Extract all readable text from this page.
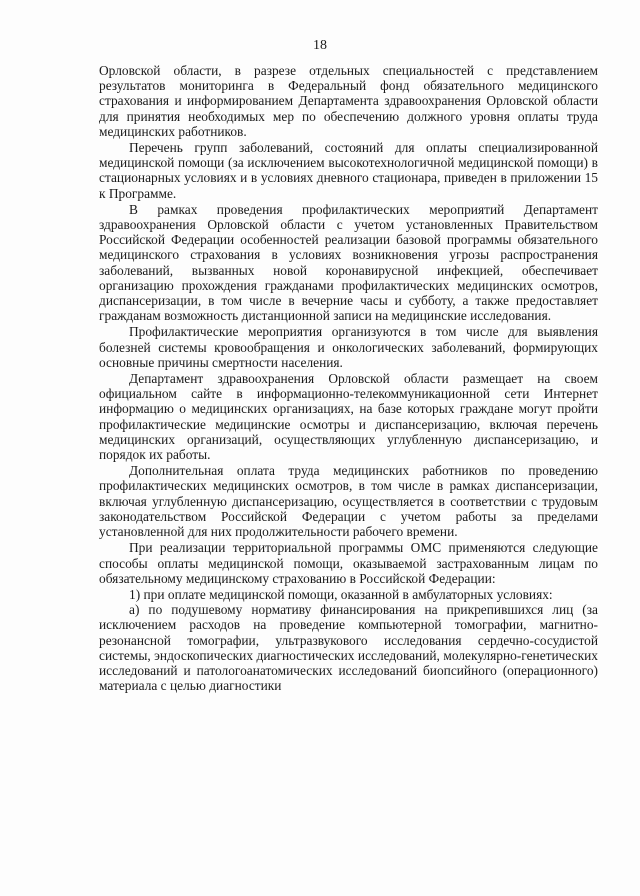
18

Орловской области, в разрезе отдельных специальностей с представлением результатов мониторинга в Федеральный фонд обязательного медицинского страхования и информированием Департамента здравоохранения Орловской области для принятия необходимых мер по обеспечению должного уровня оплаты труда медицинских работников.

Перечень групп заболеваний, состояний для оплаты специализированной медицинской помощи (за исключением высокотехнологичной медицинской помощи) в стационарных условиях и в условиях дневного стационара, приведен в приложении 15 к Программе.

В рамках проведения профилактических мероприятий Департамент здравоохранения Орловской области с учетом установленных Правительством Российской Федерации особенностей реализации базовой программы обязательного медицинского страхования в условиях возникновения угрозы распространения заболеваний, вызванных новой коронавирусной инфекцией, обеспечивает организацию прохождения гражданами профилактических медицинских осмотров, диспансеризации, в том числе в вечерние часы и субботу, а также предоставляет гражданам возможность дистанционной записи на медицинские исследования.

Профилактические мероприятия организуются в том числе для выявления болезней системы кровообращения и онкологических заболеваний, формирующих основные причины смертности населения.

Департамент здравоохранения Орловской области размещает на своем официальном сайте в информационно-телекоммуникационной сети Интернет информацию о медицинских организациях, на базе которых граждане могут пройти профилактические медицинские осмотры и диспансеризацию, включая перечень медицинских организаций, осуществляющих углубленную диспансеризацию, и порядок их работы.

Дополнительная оплата труда медицинских работников по проведению профилактических медицинских осмотров, в том числе в рамках диспансеризации, включая углубленную диспансеризацию, осуществляется в соответствии с трудовым законодательством Российской Федерации с учетом работы за пределами установленной для них продолжительности рабочего времени.

При реализации территориальной программы ОМС применяются следующие способы оплаты медицинской помощи, оказываемой застрахованным лицам по обязательному медицинскому страхованию в Российской Федерации:

1) при оплате медицинской помощи, оказанной в амбулаторных условиях:

а) по подушевому нормативу финансирования на прикрепившихся лиц (за исключением расходов на проведение компьютерной томографии, магнитно-резонансной томографии, ультразвукового исследования сердечно-сосудистой системы, эндоскопических диагностических исследований, молекулярно-генетических исследований и патологоанатомических исследований биопсийного (операционного) материала с целью диагностики
